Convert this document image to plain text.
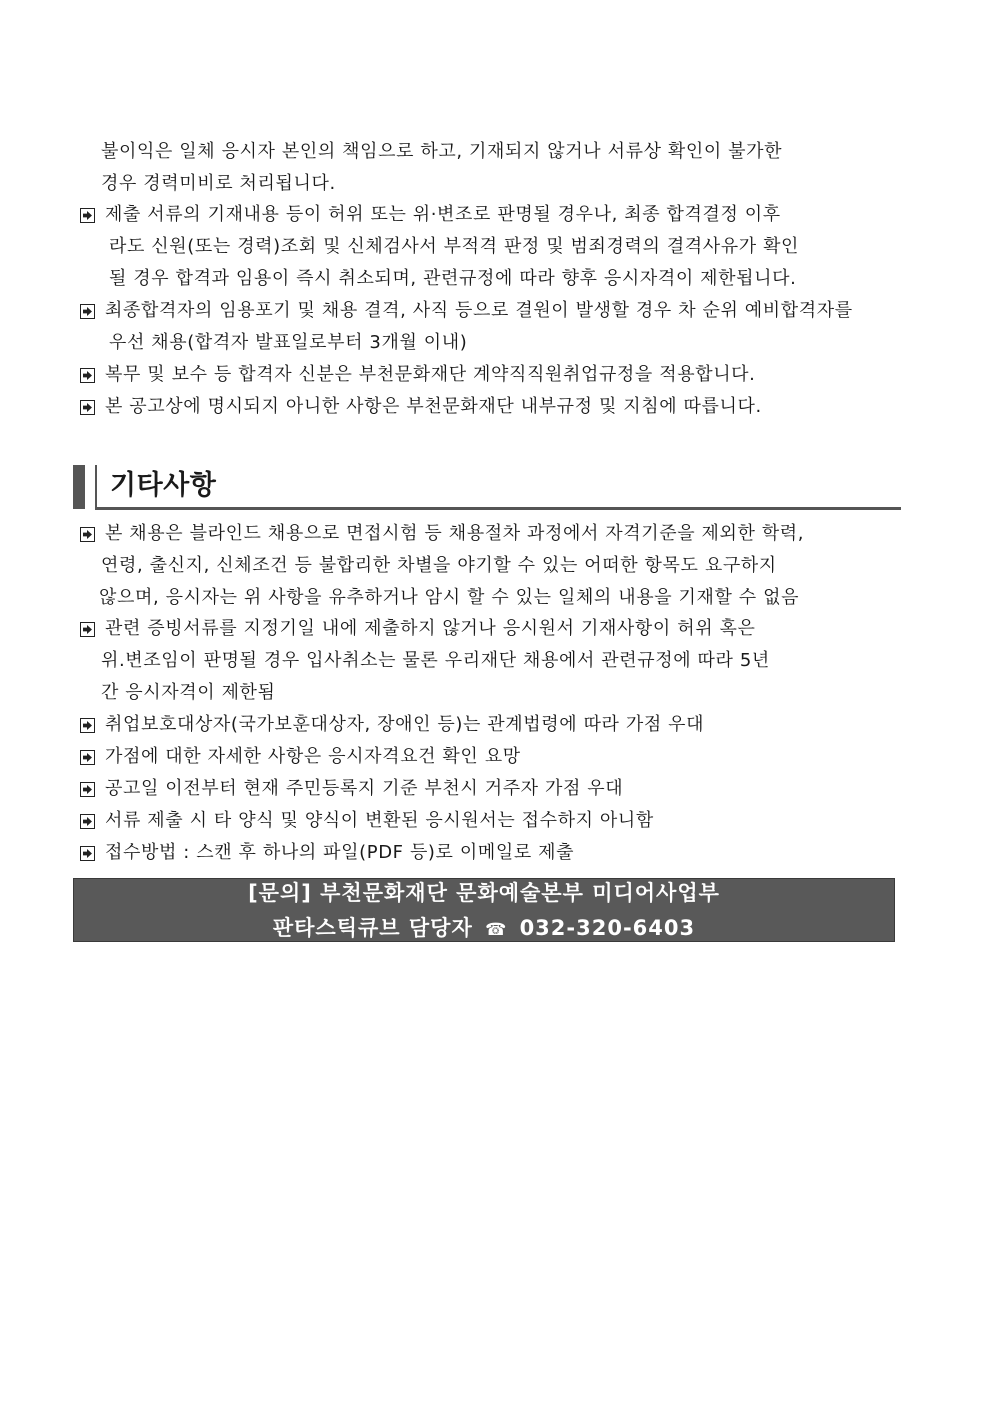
불이익은 일체 응시자 본인의 책임으로 하고, 기재되지 않거나 서류상 확인이 불가한
경우 경력미비로 처리됩니다.
제출 서류의 기재내용 등이 허위 또는 위·변조로 판명될 경우나, 최종 합격결정 이후
라도 신원(또는 경력)조회 및 신체검사서 부적격 판정 및 범죄경력의 결격사유가 확인
될 경우 합격과 임용이 즉시 취소되며, 관련규정에 따라 향후 응시자격이 제한됩니다.
최종합격자의 임용포기 및 채용 결격, 사직 등으로 결원이 발생할 경우 차 순위 예비합격자를
우선 채용(합격자 발표일로부터 3개월 이내)
복무 및 보수 등 합격자 신분은 부천문화재단 계약직직원취업규정을 적용합니다.
본 공고상에 명시되지 아니한 사항은 부천문화재단 내부규정 및 지침에 따릅니다.
기타사항
본 채용은 블라인드 채용으로 면접시험 등 채용절차 과정에서 자격기준을 제외한 학력,
연령, 출신지, 신체조건 등 불합리한 차별을 야기할 수 있는 어떠한 항목도 요구하지
않으며, 응시자는 위 사항을 유추하거나 암시 할 수 있는 일체의 내용을 기재할 수 없음
관련 증빙서류를 지정기일 내에 제출하지 않거나 응시원서 기재사항이 허위 혹은
위.변조임이 판명될 경우 입사취소는 물론 우리재단 채용에서 관련규정에 따라 5년
간 응시자격이 제한됨
취업보호대상자(국가보훈대상자, 장애인 등)는 관계법령에 따라 가점 우대
가점에 대한 자세한 사항은 응시자격요건 확인 요망
공고일 이전부터 현재 주민등록지 기준 부천시 거주자 가점 우대
서류 제출 시 타 양식 및 양식이 변환된 응시원서는 접수하지 아니함
접수방법 : 스캔 후 하나의 파일(PDF 등)로 이메일로 제출
[문의] 부천문화재단 문화예술본부 미디어사업부
판타스틱큐브 담당자 ☎ 032-320-6403
